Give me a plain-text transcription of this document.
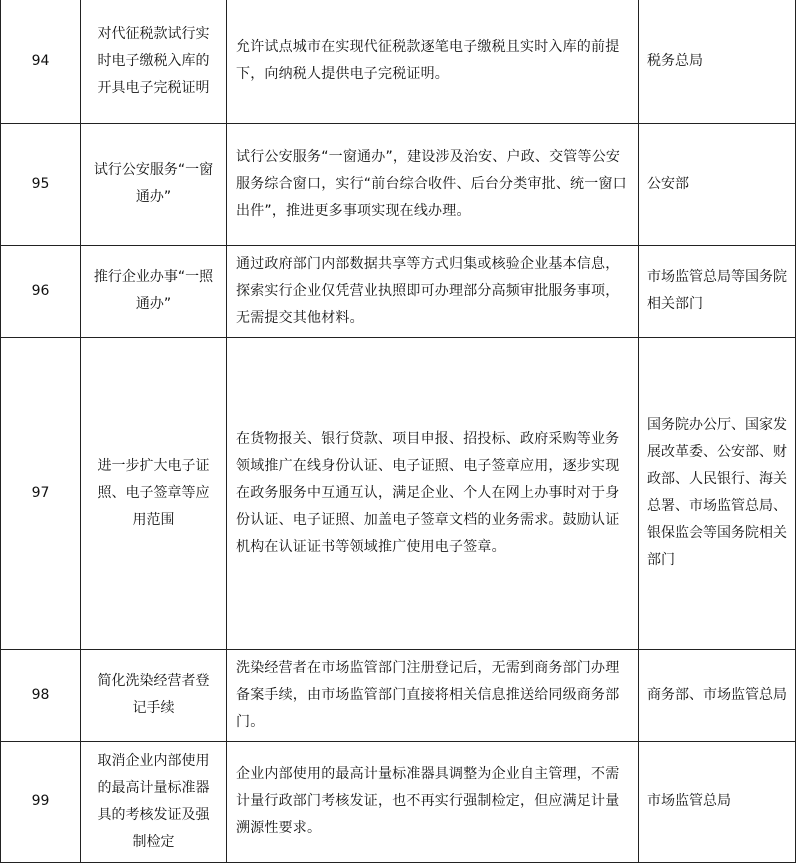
94	对代征税款试行实时电子缴税入库的开具电子完税证明	允许试点城市在实现代征税款逐笔电子缴税且实时入库的前提下，向纳税人提供电子完税证明。	税务总局
95	试行公安服务“一窗通办”	试行公安服务“一窗通办”，建设涉及治安、户政、交管等公安服务综合窗口，实行“前台综合收件、后台分类审批、统一窗口出件”，推进更多事项实现在线办理。	公安部
96	推行企业办事“一照通办”	通过政府部门内部数据共享等方式归集或核验企业基本信息，探索实行企业仅凭营业执照即可办理部分高频审批服务事项，无需提交其他材料。	市场监管总局等国务院相关部门
97	进一步扩大电子证照、电子签章等应用范围	在货物报关、银行贷款、项目申报、招投标、政府采购等业务领域推广在线身份认证、电子证照、电子签章应用，逐步实现在政务服务中互通互认，满足企业、个人在网上办事时对于身份认证、电子证照、加盖电子签章文档的业务需求。鼓励认证机构在认证证书等领域推广使用电子签章。	国务院办公厅、国家发展改革委、公安部、财政部、人民银行、海关总署、市场监管总局、银保监会等国务院相关部门
98	简化洗染经营者登记手续	洗染经营者在市场监管部门注册登记后，无需到商务部门办理备案手续，由市场监管部门直接将相关信息推送给同级商务部门。	商务部、市场监管总局
99	取消企业内部使用的最高计量标准器具的考核发证及强制检定	企业内部使用的最高计量标准器具调整为企业自主管理，不需计量行政部门考核发证，也不再实行强制检定，但应满足计量溯源性要求。	市场监管总局
